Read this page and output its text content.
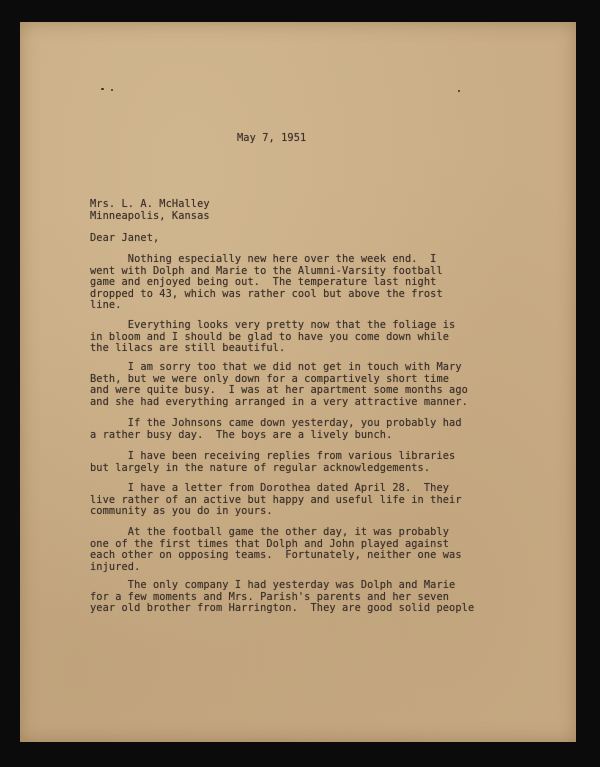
May 7, 1951
Mrs. L. A. McHalley
Minneapolis, Kansas
Dear Janet,
Nothing especially new here over the week end.  I
went with Dolph and Marie to the Alumni-Varsity football
game and enjoyed being out.  The temperature last night
dropped to 43, which was rather cool but above the frost
line.
Everything looks very pretty now that the foliage is
in bloom and I should be glad to have you come down while
the lilacs are still beautiful.
I am sorry too that we did not get in touch with Mary
Beth, but we were only down for a compartively short time
and were quite busy.  I was at her apartment some months ago
and she had everything arranged in a very attractive manner.
If the Johnsons came down yesterday, you probably had
a rather busy day.  The boys are a lively bunch.
I have been receiving replies from various libraries
but largely in the nature of regular acknowledgements.
I have a letter from Dorothea dated April 28.  They
live rather of an active but happy and useful life in their
community as you do in yours.
At the football game the other day, it was probably
one of the first times that Dolph and John played against
each other on opposing teams.  Fortunately, neither one was
injured.
The only company I had yesterday was Dolph and Marie
for a few moments and Mrs. Parish's parents and her seven
year old brother from Harrington.  They are good solid people
